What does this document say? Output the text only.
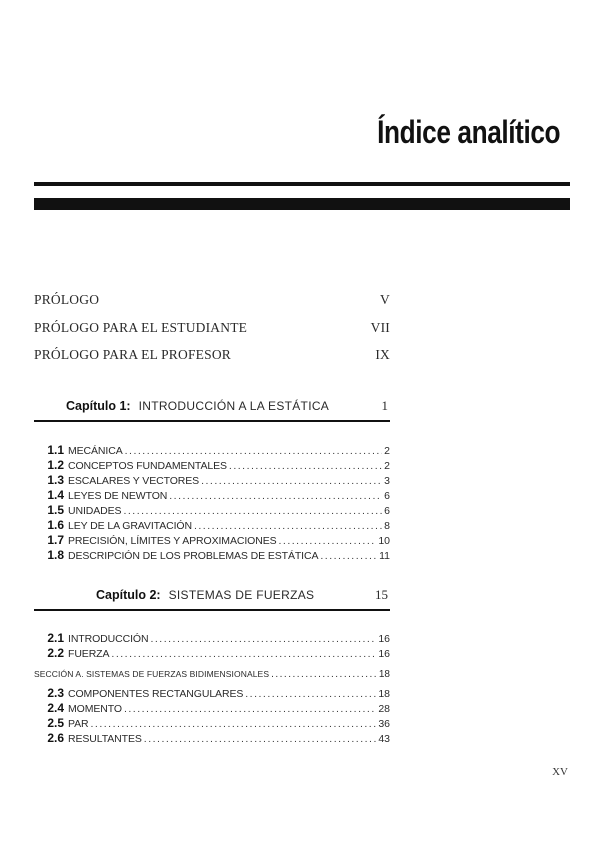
Índice analítico
PRÓLOGO	V
PRÓLOGO PARA EL ESTUDIANTE	VII
PRÓLOGO PARA EL PROFESOR	IX
Capítulo 1: INTRODUCCIÓN A LA ESTÁTICA	1
1.1 MECÁNICA .....	2
1.2 CONCEPTOS FUNDAMENTALES .....	2
1.3 ESCALARES Y VECTORES .....	3
1.4 LEYES DE NEWTON .....	6
1.5 UNIDADES .....	6
1.6 LEY DE LA GRAVITACIÓN .....	8
1.7 PRECISIÓN, LÍMITES Y APROXIMACIONES .....	10
1.8 DESCRIPCIÓN DE LOS PROBLEMAS DE ESTÁTICA .....	11
Capítulo 2: SISTEMAS DE FUERZAS	15
2.1 INTRODUCCIÓN .....	16
2.2 FUERZA .....	16
SECCIÓN A. SISTEMAS DE FUERZAS BIDIMENSIONALES .....	18
2.3 COMPONENTES RECTANGULARES .....	18
2.4 MOMENTO .....	28
2.5 PAR .....	36
2.6 RESULTANTES .....	43
XV
